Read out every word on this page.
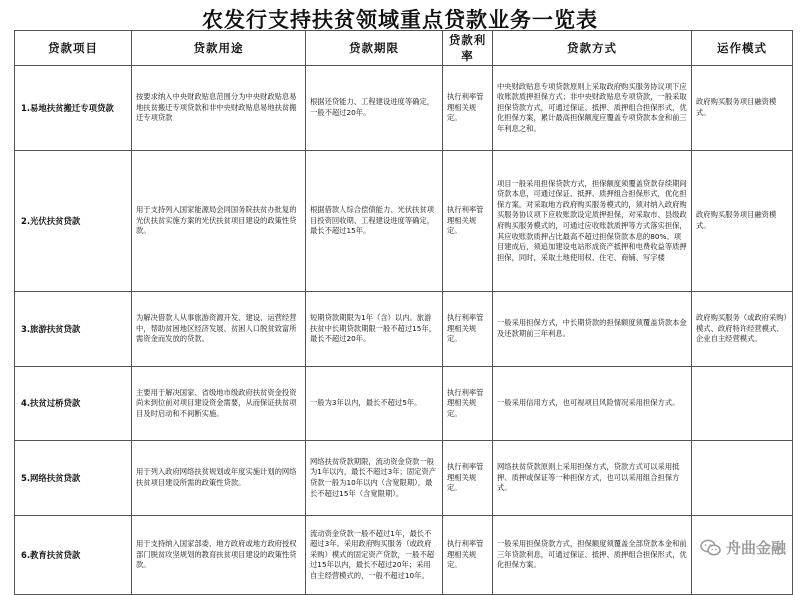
农发行支持扶贫领域重点贷款业务一览表
贷款项目	贷款用途	贷款期限	贷款利率	贷款方式	运作模式
1.易地扶贫搬迁专项贷款	按要求纳入中央财政贴息范围分为中央财政贴息易地扶贫搬迁专项贷款和非中央财政贴息易地扶贫搬迁专项贷款	根据还贷能力、工程建设进度等确定，一般不超过20年。	执行利率管理相关规定。	中央财政贴息专项贷款原则上采取政府购买服务协议项下应收账款质押担保方式；非中央财政贴息专项贷款，一般采取担保贷款方式，可通过保证、抵押、质押组合担保形式，优化担保方案，累计最高担保额度应覆盖专项贷款本金和前三年利息之和。	政府购买服务项目融资模式。
2.光伏扶贫贷款	用于支持列入国家能源局会同国务院扶贫办批复的光伏扶贫实施方案的光伏扶贫项目建设的政策性贷款。	根据借款人综合偿债能力、光伏扶贫项目投资回收期、工程建设进度等确定，最长不超过15年。	执行利率管理相关规定。	项目一般采用担保贷款方式，担保额度须覆盖贷款存续期间贷款本息，可通过保证、抵押、质押组合担保形式，优化担保方案。对采取地方政府购买服务模式的，须对纳入政府购买服务协议项下应收账款设定质押担保，对采取市、县级政府购买服务模式的，可通过应收账款质押等方式落实担保，其应收账款质押占比最高不超过担保贷款本息的80%。项目建成后，须追加建设电站形成资产抵押和电费收益等质押担保，同时，采取土地使用权、住宅、商铺、写字楼	政府购买服务项目融资模式。
3.旅游扶贫贷款	为解决借款人从事旅游资源开发、建设、运营经营中，帮助贫困地区经济发展、贫困人口脱贫致富所需资金而发放的贷款。	短期贷款期限为1年（含）以内。旅游扶贫中长期贷款期限一般不超过15年，最长不超过20年。	执行利率管理相关规定。	一般采用担保方式，中长期贷款的担保额度须覆盖贷款本金及还款期前三年利息。	政府购买服务（或政府采购）模式、政府特许经营模式、企业自主经营模式。
4.扶贫过桥贷款	主要用于解决国家、省级地市级政府扶贫资金投资尚未到位前对项目建设资金需要，从而保证扶贫项目及时启动和不间断实施。	一般为3年以内，最长不超过5年。	执行利率管理相关规定。	一般采用信用方式，也可视项目风险情况采用担保方式。	
5.网络扶贫贷款	用于列入政府网络扶贫规划或年度实施计划的网络扶贫项目建设所需的政策性贷款。	网络扶贫贷款期限，流动资金贷款一般为1年以内，最长不超过3年；固定资产贷款一般为10年以内（含宽限期），最长不超过15年（含宽限期）。	执行利率管理相关规定。	网络扶贫贷款原则上采用担保方式，贷款方式可以采用抵押、质押或保证等一种担保方式，也可以采用组合担保方式。	
6.教育扶贫贷款	用于支持纳入国家部委、地方政府或地方政府授权部门脱贫攻坚规划的教育扶贫项目建设的政策性贷款。	流动资金贷款一般不超过1年，最长不超过3年。采用政府购买服务（或政府采购）模式的固定资产贷款，一般不超过15年以内，最长不超过20年；采用自主经营模式的，一般不超过10年。	执行利率管理相关规定。	一般采用担保贷款方式，担保额度须覆盖全部贷款本金和前三年贷款利息，可通过保证、抵押、质押组合担保形式，优化担保方案。	
舟曲金融
